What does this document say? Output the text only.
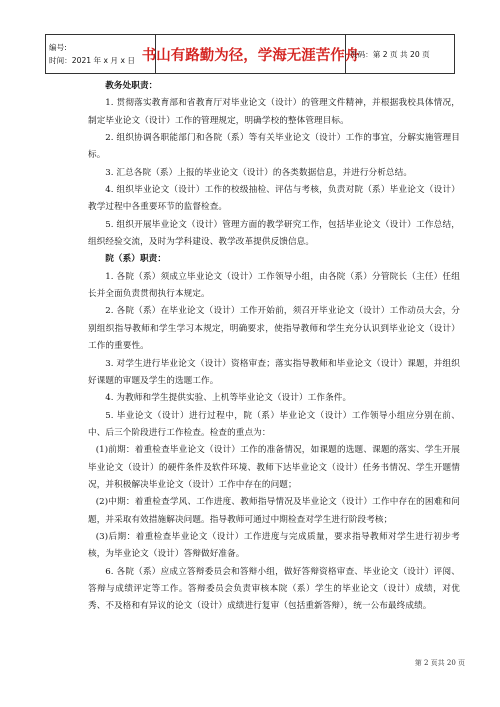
编号:
时间：2021 年 x 月 x 日 书山有路勤为径，学海无涯苦作舟
页码：第 2 页 共 20 页

教务处职责：

1. 贯彻落实教育部和省教育厅对毕业论文（设计）的管理文件精神，并根据我校具体情况，制定毕业论文（设计）工作的管理规定，明确学校的整体管理目标。

2. 组织协调各职能部门和各院（系）等有关毕业论文（设计）工作的事宜，分解实施管理目标。

3. 汇总各院（系）上报的毕业论文（设计）的各类数据信息，并进行分析总结。

4. 组织毕业论文（设计）工作的校级抽检、评估与考核，负责对院（系）毕业论文（设计）教学过程中各重要环节的监督检查。

5. 组织开展毕业论文（设计）管理方面的教学研究工作，包括毕业论文（设计）工作总结，组织经验交流，及时为学科建设、教学改革提供反馈信息。

院（系）职责：

1. 各院（系）须成立毕业论文（设计）工作领导小组，由各院（系）分管院长（主任）任组长并全面负责贯彻执行本规定。

2. 各院（系）在毕业论文（设计）工作开始前，须召开毕业论文（设计）工作动员大会，分别组织指导教师和学生学习本规定，明确要求，使指导教师和学生充分认识到毕业论文（设计）工作的重要性。

3. 对学生进行毕业论文（设计）资格审查；落实指导教师和毕业论文（设计）课题，并组织好课题的审题及学生的选题工作。

4. 为教师和学生提供实验、上机等毕业论文（设计）工作条件。

5. 毕业论文（设计）进行过程中，院（系）毕业论文（设计）工作领导小组应分别在前、中、后三个阶段进行工作检查。检查的重点为：

(1)前期：着重检查毕业论文（设计）工作的准备情况，如课题的选题、课题的落实、学生开展毕业论文（设计）的硬件条件及软件环境、教师下达毕业论文（设计）任务书情况、学生开题情况，并积极解决毕业论文（设计）工作中存在的问题；

(2)中期：着重检查学风、工作进度、教师指导情况及毕业论文（设计）工作中存在的困难和问题，并采取有效措施解决问题。指导教师可通过中期检查对学生进行阶段考核；

(3)后期：着重检查毕业论文（设计）工作进度与完成质量，要求指导教师对学生进行初步考核，为毕业论文（设计）答辩做好准备。

6. 各院（系）应成立答辩委员会和答辩小组，做好答辩资格审查、毕业论文（设计）评阅、答辩与成绩评定等工作。答辩委员会负责审核本院（系）学生的毕业论文（设计）成绩，对优秀、不及格和有异议的论文（设计）成绩进行复审（包括重新答辩），统一公布最终成绩。

第 2 页共 20 页
